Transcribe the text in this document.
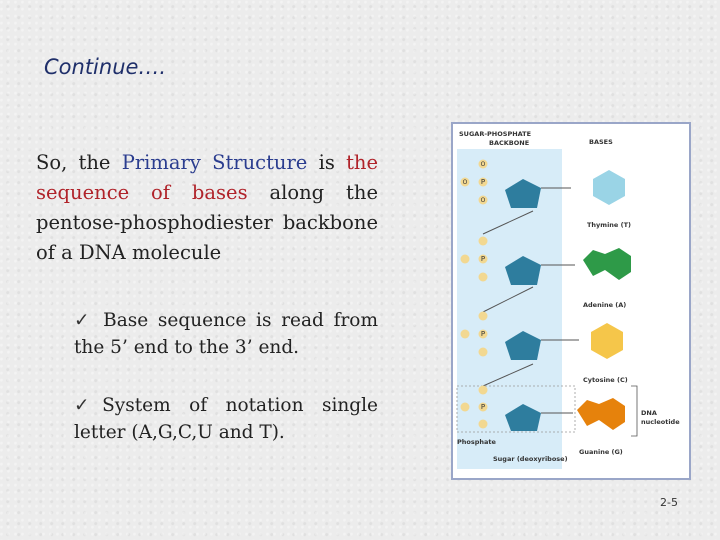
Continue….
So, the Primary Structure is the sequence of bases along the pentose-phosphodiester backbone of a DNA molecule
✓ Base sequence is read from the 5’ end to the 3’ end.
✓System of notation single letter (A,G,C,U and T).
SUGAR-PHOSPHATE
BACKBONE	BASES
P
O
O
O
Thymine (T)
P
Adenine (A)
P
Cytosine (C)
P
Phosphate
Sugar (deoxyribose)
Guanine (G)
DNA
nucleotide
2-5
